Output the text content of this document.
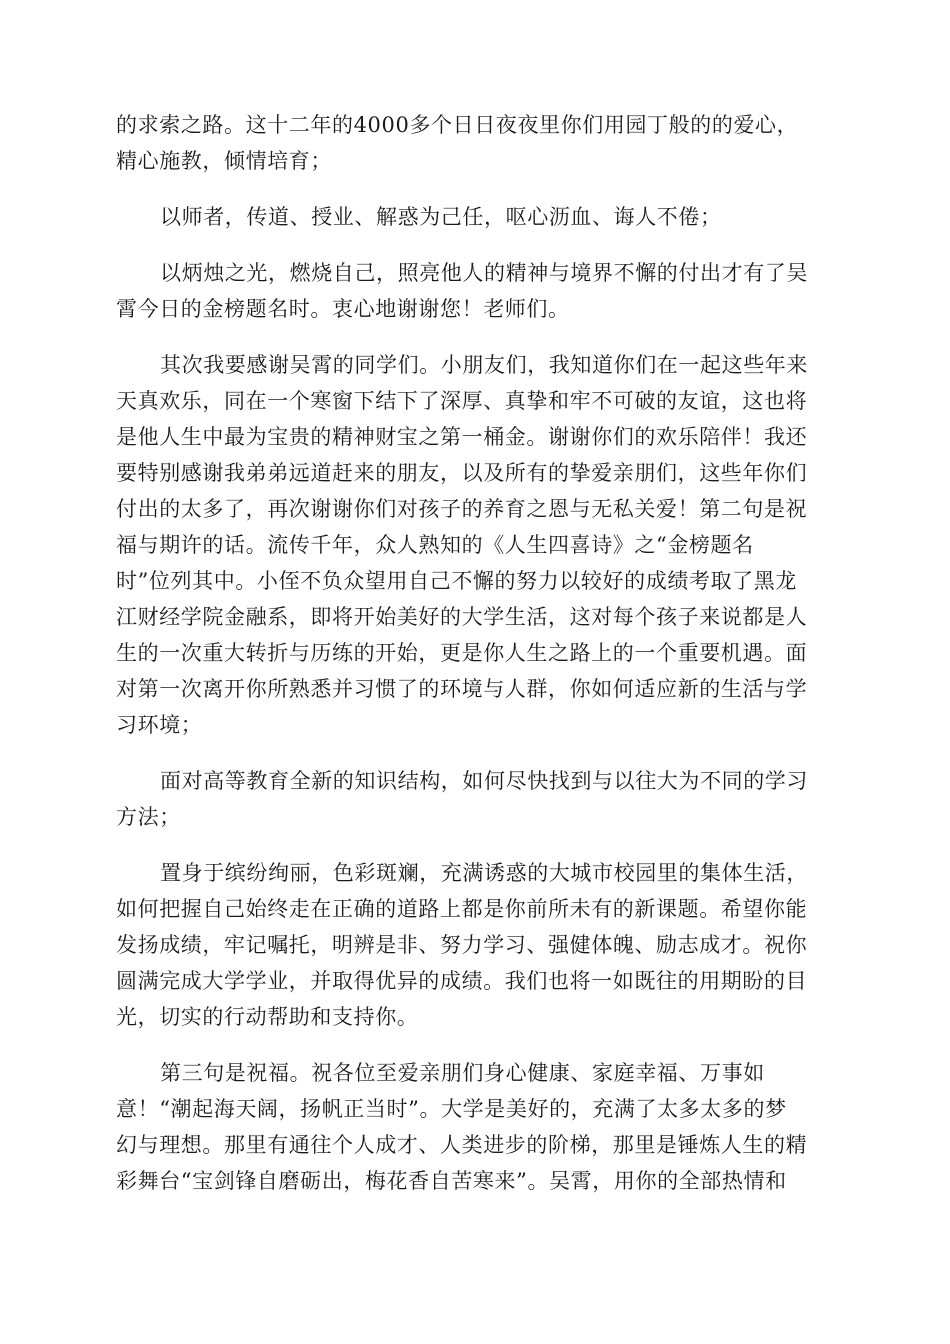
的求索之路。这十二年的4000多个日日夜夜里你们用园丁般的的爱心，
精心施教，倾情培育；

以师者，传道、授业、解惑为己任，呕心沥血、诲人不倦；

以炳烛之光，燃烧自己，照亮他人的精神与境界不懈的付出才有了吴
霄今日的金榜题名时。衷心地谢谢您！老师们。

其次我要感谢吴霄的同学们。小朋友们，我知道你们在一起这些年来
天真欢乐，同在一个寒窗下结下了深厚、真挚和牢不可破的友谊，这也将
是他人生中最为宝贵的精神财宝之第一桶金。谢谢你们的欢乐陪伴！我还
要特别感谢我弟弟远道赶来的朋友，以及所有的挚爱亲朋们，这些年你们
付出的太多了，再次谢谢你们对孩子的养育之恩与无私关爱！第二句是祝
福与期许的话。流传千年，众人熟知的《人生四喜诗》之“金榜题名
时”位列其中。小侄不负众望用自己不懈的努力以较好的成绩考取了黑龙
江财经学院金融系，即将开始美好的大学生活，这对每个孩子来说都是人
生的一次重大转折与历练的开始，更是你人生之路上的一个重要机遇。面
对第一次离开你所熟悉并习惯了的环境与人群，你如何适应新的生活与学
习环境；

面对高等教育全新的知识结构，如何尽快找到与以往大为不同的学习
方法；

置身于缤纷绚丽，色彩斑斓，充满诱惑的大城市校园里的集体生活，
如何把握自己始终走在正确的道路上都是你前所未有的新课题。希望你能
发扬成绩，牢记嘱托，明辨是非、努力学习、强健体魄、励志成才。祝你
圆满完成大学学业，并取得优异的成绩。我们也将一如既往的用期盼的目
光，切实的行动帮助和支持你。

第三句是祝福。祝各位至爱亲朋们身心健康、家庭幸福、万事如
意！“潮起海天阔，扬帆正当时”。大学是美好的，充满了太多太多的梦
幻与理想。那里有通往个人成才、人类进步的阶梯，那里是锤炼人生的精
彩舞台“宝剑锋自磨砺出，梅花香自苦寒来”。吴霄，用你的全部热情和
